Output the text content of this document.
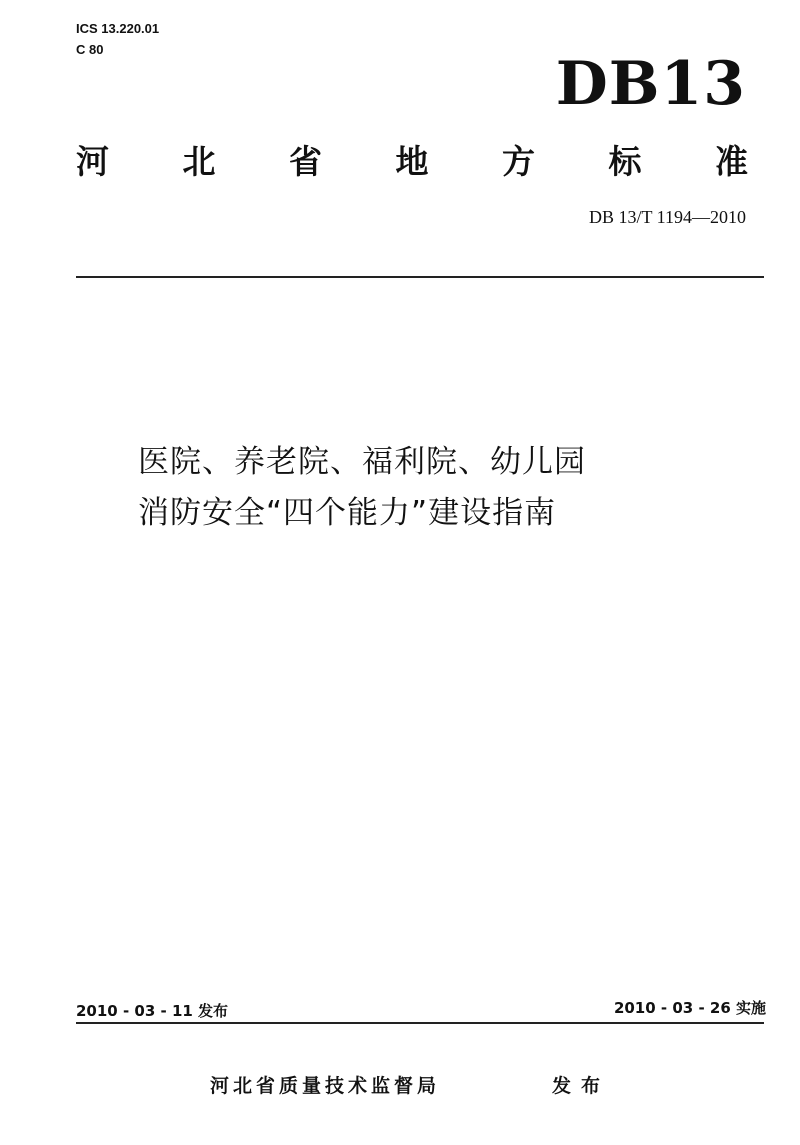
ICS 13.220.01
C 80	DB13
河 北 省 地 方 标 准
DB 13/T 1194—2010
医院、养老院、福利院、幼儿园
消防安全“四个能力”建设指南
2010 - 03 - 11 发布	2010 - 03 - 26 实施
河北省质量技术监督局	发布
